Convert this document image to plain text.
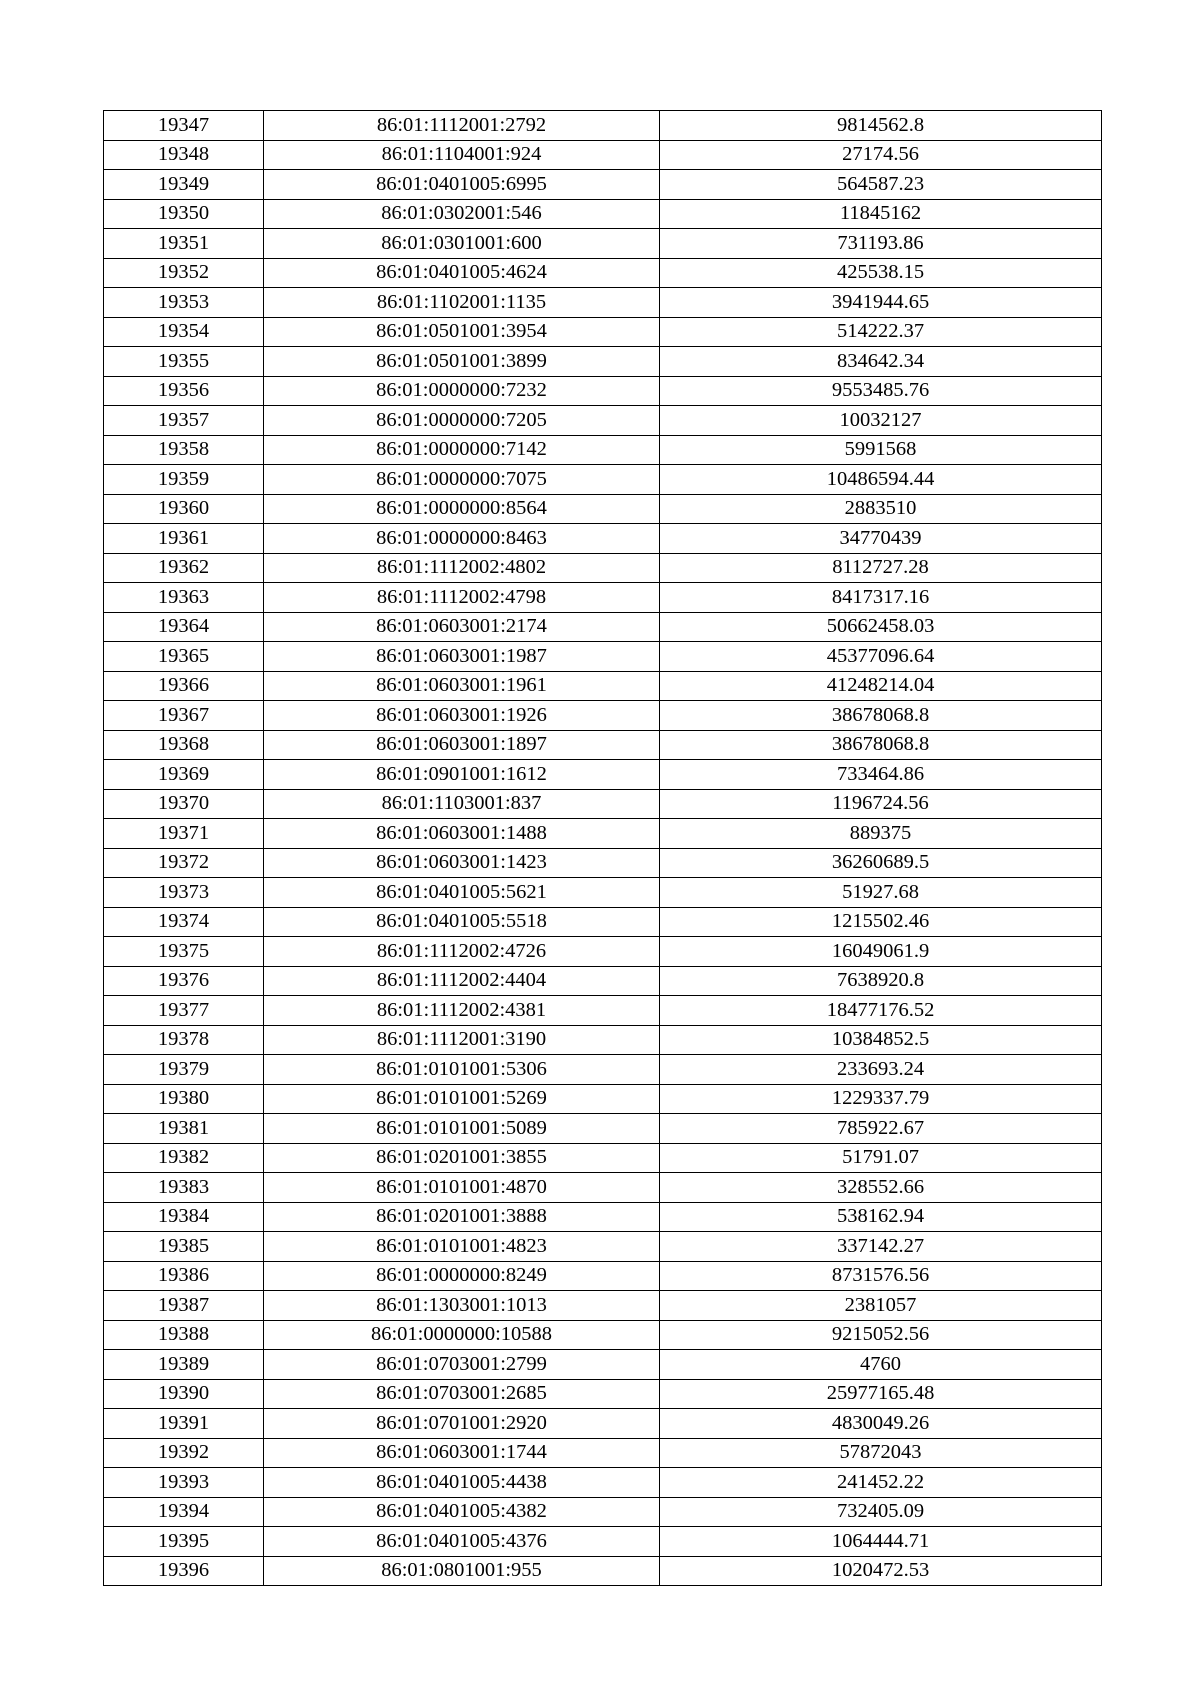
19347	86:01:1112001:2792	9814562.8
19348	86:01:1104001:924	27174.56
19349	86:01:0401005:6995	564587.23
19350	86:01:0302001:546	11845162
19351	86:01:0301001:600	731193.86
19352	86:01:0401005:4624	425538.15
19353	86:01:1102001:1135	3941944.65
19354	86:01:0501001:3954	514222.37
19355	86:01:0501001:3899	834642.34
19356	86:01:0000000:7232	9553485.76
19357	86:01:0000000:7205	10032127
19358	86:01:0000000:7142	5991568
19359	86:01:0000000:7075	10486594.44
19360	86:01:0000000:8564	2883510
19361	86:01:0000000:8463	34770439
19362	86:01:1112002:4802	8112727.28
19363	86:01:1112002:4798	8417317.16
19364	86:01:0603001:2174	50662458.03
19365	86:01:0603001:1987	45377096.64
19366	86:01:0603001:1961	41248214.04
19367	86:01:0603001:1926	38678068.8
19368	86:01:0603001:1897	38678068.8
19369	86:01:0901001:1612	733464.86
19370	86:01:1103001:837	1196724.56
19371	86:01:0603001:1488	889375
19372	86:01:0603001:1423	36260689.5
19373	86:01:0401005:5621	51927.68
19374	86:01:0401005:5518	1215502.46
19375	86:01:1112002:4726	16049061.9
19376	86:01:1112002:4404	7638920.8
19377	86:01:1112002:4381	18477176.52
19378	86:01:1112001:3190	10384852.5
19379	86:01:0101001:5306	233693.24
19380	86:01:0101001:5269	1229337.79
19381	86:01:0101001:5089	785922.67
19382	86:01:0201001:3855	51791.07
19383	86:01:0101001:4870	328552.66
19384	86:01:0201001:3888	538162.94
19385	86:01:0101001:4823	337142.27
19386	86:01:0000000:8249	8731576.56
19387	86:01:1303001:1013	2381057
19388	86:01:0000000:10588	9215052.56
19389	86:01:0703001:2799	4760
19390	86:01:0703001:2685	25977165.48
19391	86:01:0701001:2920	4830049.26
19392	86:01:0603001:1744	57872043
19393	86:01:0401005:4438	241452.22
19394	86:01:0401005:4382	732405.09
19395	86:01:0401005:4376	1064444.71
19396	86:01:0801001:955	1020472.53
